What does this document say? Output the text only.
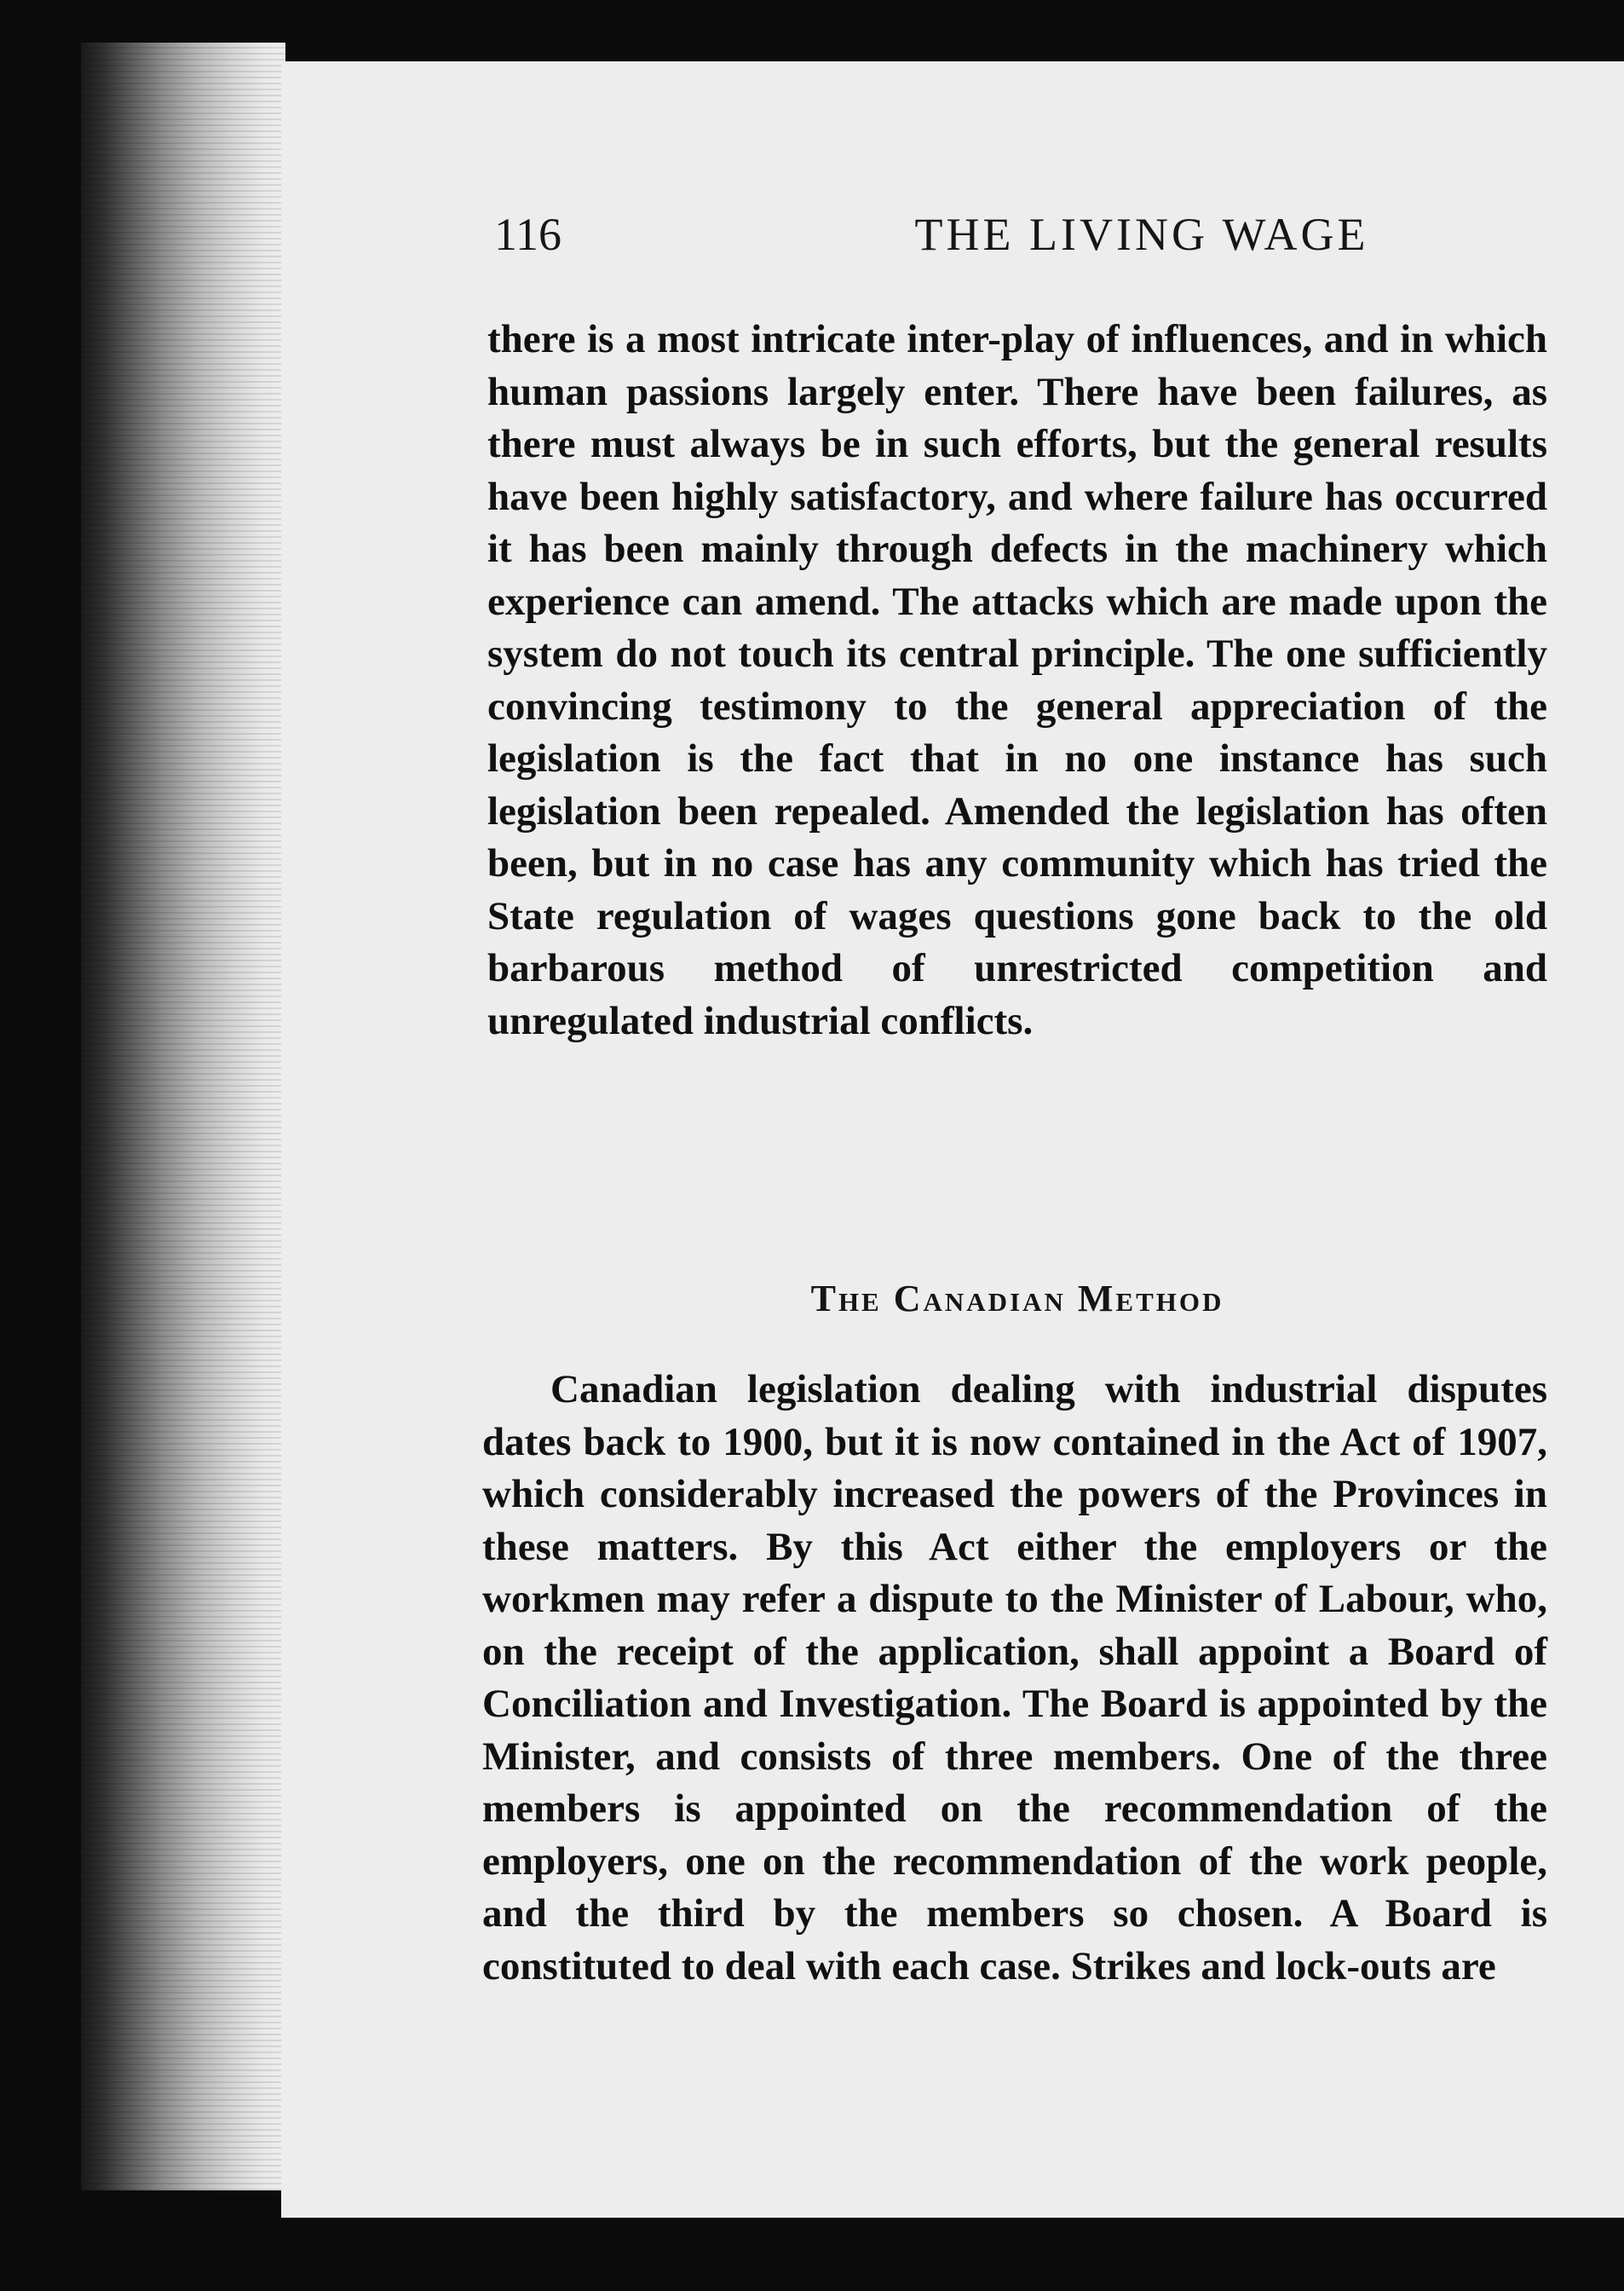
116	THE LIVING WAGE

there is a most intricate inter-play of influences, and in which human passions largely enter. There have been failures, as there must always be in such efforts, but the general results have been highly satisfactory, and where failure has occurred it has been mainly through defects in the machinery which experience can amend. The attacks which are made upon the system do not touch its central principle. The one sufficiently convincing testimony to the general appreciation of the legislation is the fact that in no one instance has such legislation been repealed. Amended the legislation has often been, but in no case has any community which has tried the State regulation of wages questions gone back to the old barbarous method of unrestricted competition and unregulated industrial conflicts.

The Canadian Method

Canadian legislation dealing with industrial disputes dates back to 1900, but it is now contained in the Act of 1907, which considerably increased the powers of the Provinces in these matters. By this Act either the employers or the workmen may refer a dispute to the Minister of Labour, who, on the receipt of the application, shall appoint a Board of Conciliation and Investigation. The Board is appointed by the Minister, and consists of three members. One of the three members is appointed on the recommendation of the employers, one on the recommendation of the work people, and the third by the members so chosen. A Board is constituted to deal with each case. Strikes and lock-outs are
